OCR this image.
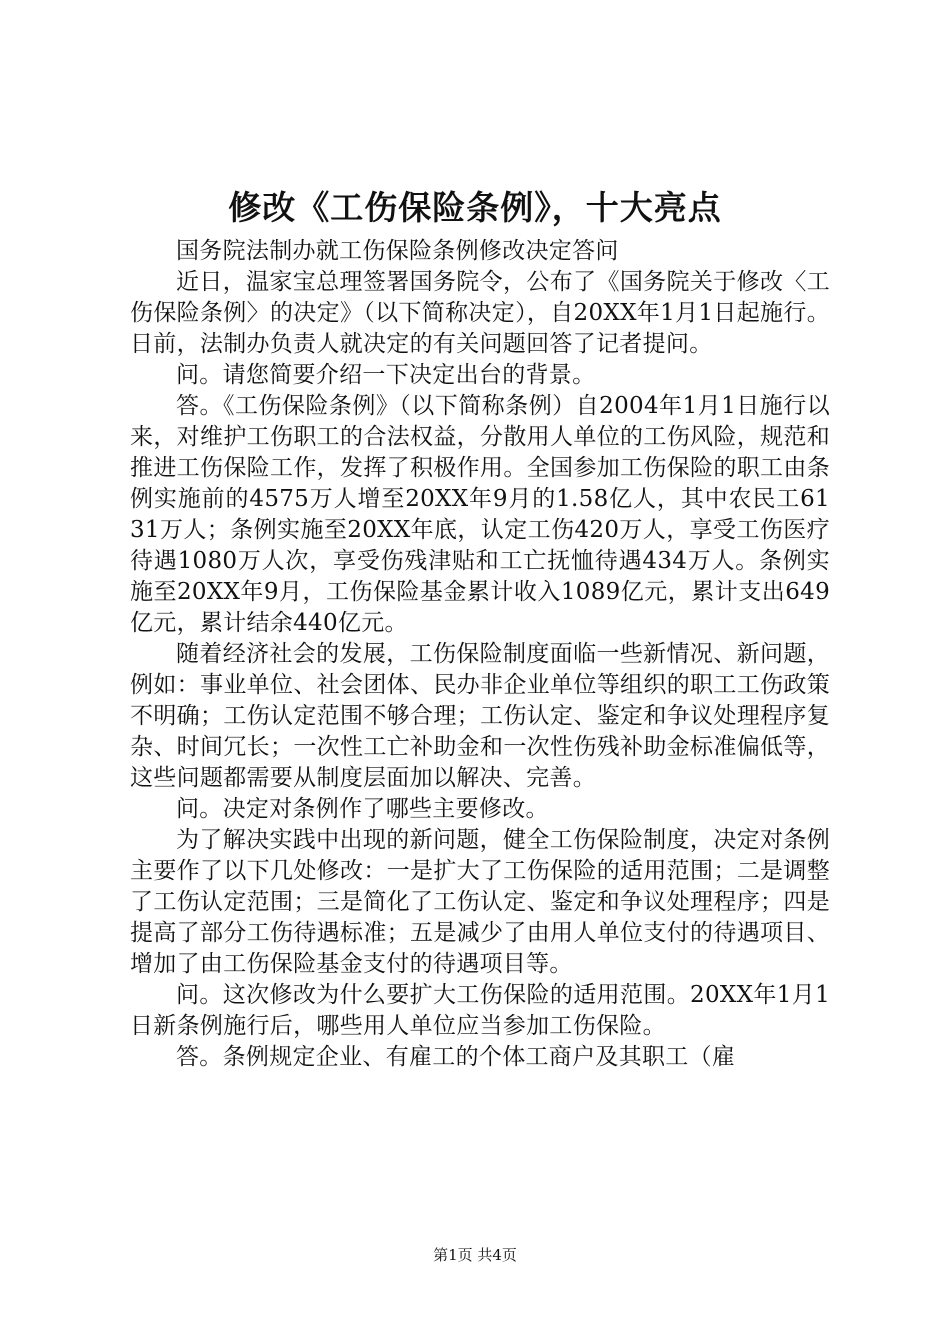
修改《工伤保险条例》，十大亮点

国务院法制办就工伤保险条例修改决定答问

近日，温家宝总理签署国务院令，公布了《国务院关于修改〈工伤保险条例〉的决定》（以下简称决定），自20XX年1月1日起施行。日前，法制办负责人就决定的有关问题回答了记者提问。

问。请您简要介绍一下决定出台的背景。

答。《工伤保险条例》（以下简称条例）自2004年1月1日施行以来，对维护工伤职工的合法权益，分散用人单位的工伤风险，规范和推进工伤保险工作，发挥了积极作用。全国参加工伤保险的职工由条例实施前的4575万人增至20XX年9月的1.58亿人，其中农民工6131万人；条例实施至20XX年底，认定工伤420万人，享受工伤医疗待遇1080万人次，享受伤残津贴和工亡抚恤待遇434万人。条例实施至20XX年9月，工伤保险基金累计收入1089亿元，累计支出649亿元，累计结余440亿元。

随着经济社会的发展，工伤保险制度面临一些新情况、新问题，例如：事业单位、社会团体、民办非企业单位等组织的职工工伤政策不明确；工伤认定范围不够合理；工伤认定、鉴定和争议处理程序复杂、时间冗长；一次性工亡补助金和一次性伤残补助金标准偏低等，这些问题都需要从制度层面加以解决、完善。

问。决定对条例作了哪些主要修改。

为了解决实践中出现的新问题，健全工伤保险制度，决定对条例主要作了以下几处修改：一是扩大了工伤保险的适用范围；二是调整了工伤认定范围；三是简化了工伤认定、鉴定和争议处理程序；四是提高了部分工伤待遇标准；五是减少了由用人单位支付的待遇项目、增加了由工伤保险基金支付的待遇项目等。

问。这次修改为什么要扩大工伤保险的适用范围。20XX年1月1日新条例施行后，哪些用人单位应当参加工伤保险。

答。条例规定企业、有雇工的个体工商户及其职工（雇

第1页 共4页
